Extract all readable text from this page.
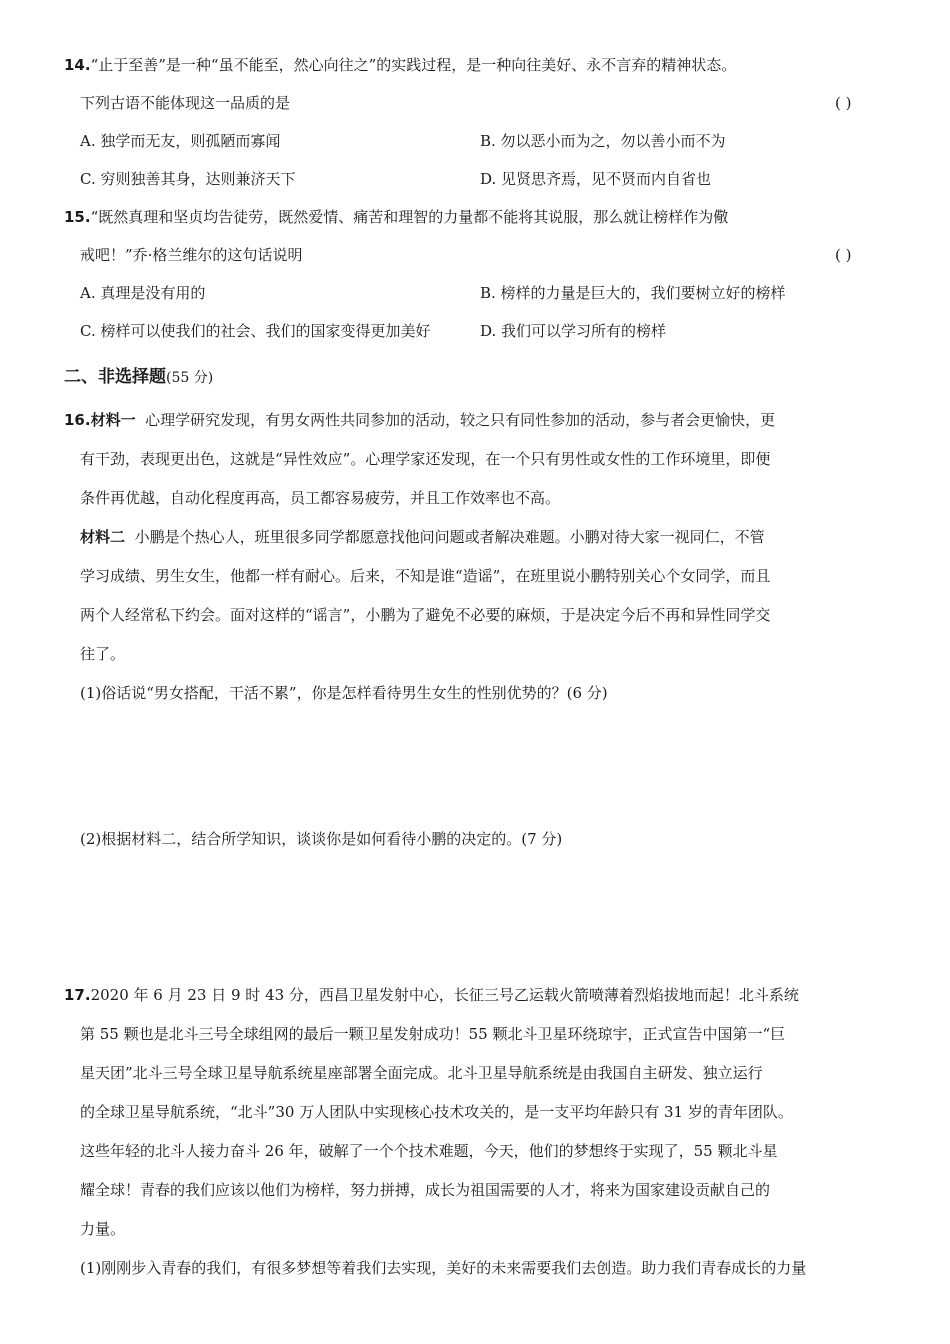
14.“止于至善”是一种“虽不能至，然心向往之”的实践过程，是一种向往美好、永不言弃的精神状态。
下列古语不能体现这一品质的是	( )
A. 独学而无友，则孤陋而寡闻	B. 勿以恶小而为之，勿以善小而不为
C. 穷则独善其身，达则兼济天下	D. 见贤思齐焉，见不贤而内自省也
15.“既然真理和坚贞均告徒劳，既然爱情、痛苦和理智的力量都不能将其说服，那么就让榜样作为儆
戒吧！”乔·格兰维尔的这句话说明	( )
A. 真理是没有用的	B. 榜样的力量是巨大的，我们要树立好的榜样
C. 榜样可以使我们的社会、我们的国家变得更加美好	D. 我们可以学习所有的榜样
二、非选择题(55 分)
16.材料一 心理学研究发现，有男女两性共同参加的活动，较之只有同性参加的活动，参与者会更愉快，更
有干劲，表现更出色，这就是“异性效应”。心理学家还发现，在一个只有男性或女性的工作环境里，即便
条件再优越，自动化程度再高，员工都容易疲劳，并且工作效率也不高。
材料二 小鹏是个热心人，班里很多同学都愿意找他问问题或者解决难题。小鹏对待大家一视同仁，不管
学习成绩、男生女生，他都一样有耐心。后来，不知是谁“造谣”，在班里说小鹏特别关心个女同学，而且
两个人经常私下约会。面对这样的“谣言”，小鹏为了避免不必要的麻烦，于是决定今后不再和异性同学交
往了。
(1)俗话说“男女搭配，干活不累”，你是怎样看待男生女生的性别优势的？(6 分)
(2)根据材料二，结合所学知识，谈谈你是如何看待小鹏的决定的。(7 分)
17.2020 年 6 月 23 日 9 时 43 分，西昌卫星发射中心，长征三号乙运载火箭喷薄着烈焰拔地而起！北斗系统
第 55 颗也是北斗三号全球组网的最后一颗卫星发射成功！55 颗北斗卫星环绕琼宇，正式宣告中国第一“巨
星天团”北斗三号全球卫星导航系统星座部署全面完成。北斗卫星导航系统是由我国自主研发、独立运行
的全球卫星导航系统，“北斗”30 万人团队中实现核心技术攻关的，是一支平均年龄只有 31 岁的青年团队。
这些年轻的北斗人接力奋斗 26 年，破解了一个个技术难题，今天，他们的梦想终于实现了，55 颗北斗星
耀全球！青春的我们应该以他们为榜样，努力拼搏，成长为祖国需要的人才，将来为国家建设贡献自己的
力量。
(1)刚刚步入青春的我们，有很多梦想等着我们去实现，美好的未来需要我们去创造。助力我们青春成长的力量
